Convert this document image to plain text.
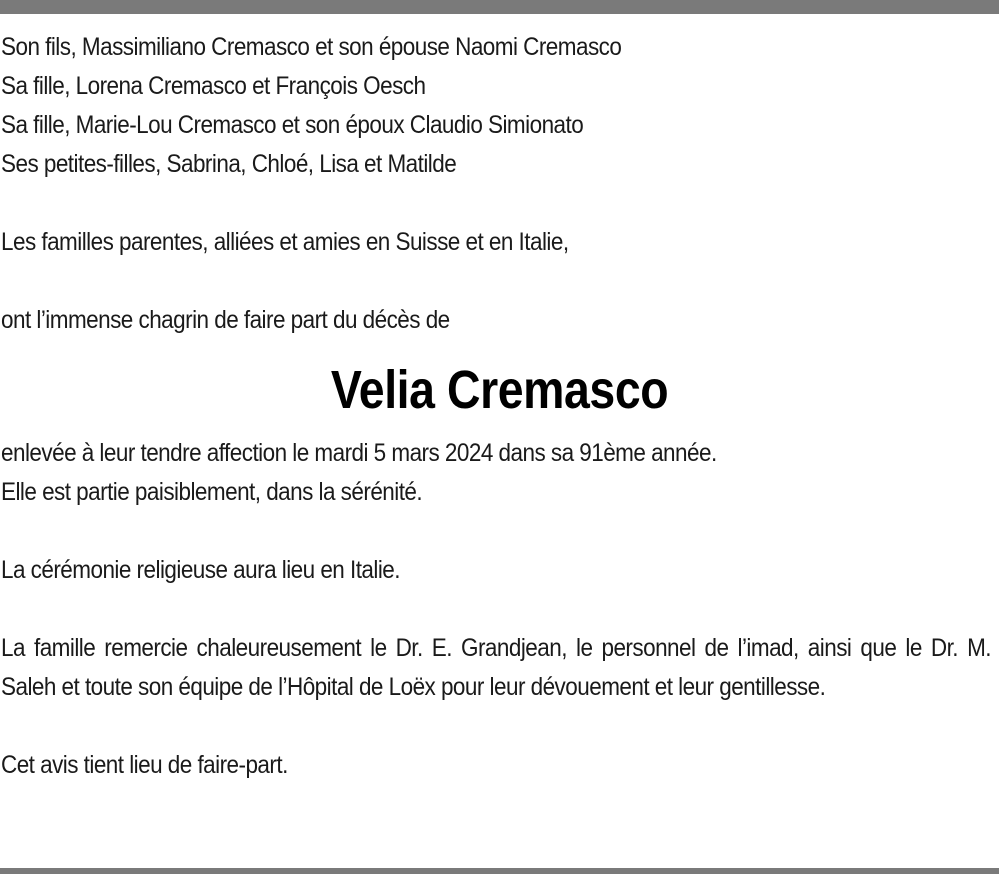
Son fils, Massimiliano Cremasco et son épouse Naomi Cremasco
Sa fille, Lorena Cremasco et François Oesch
Sa fille, Marie-Lou Cremasco et son époux Claudio Simionato
Ses petites-filles, Sabrina, Chloé, Lisa et Matilde
Les familles parentes, alliées et amies en Suisse et en Italie,
ont l’immense chagrin de faire part du décès de
Velia Cremasco
enlevée à leur tendre affection le mardi 5 mars 2024 dans sa 91ème année.
Elle est partie paisiblement, dans la sérénité.
La cérémonie religieuse aura lieu en Italie.
La famille remercie chaleureusement le Dr. E. Grandjean, le personnel de l’imad, ainsi que le Dr. M. Saleh et toute son équipe de l’Hôpital de Loëx pour leur dévouement et leur gentillesse.
Cet avis tient lieu de faire-part.
